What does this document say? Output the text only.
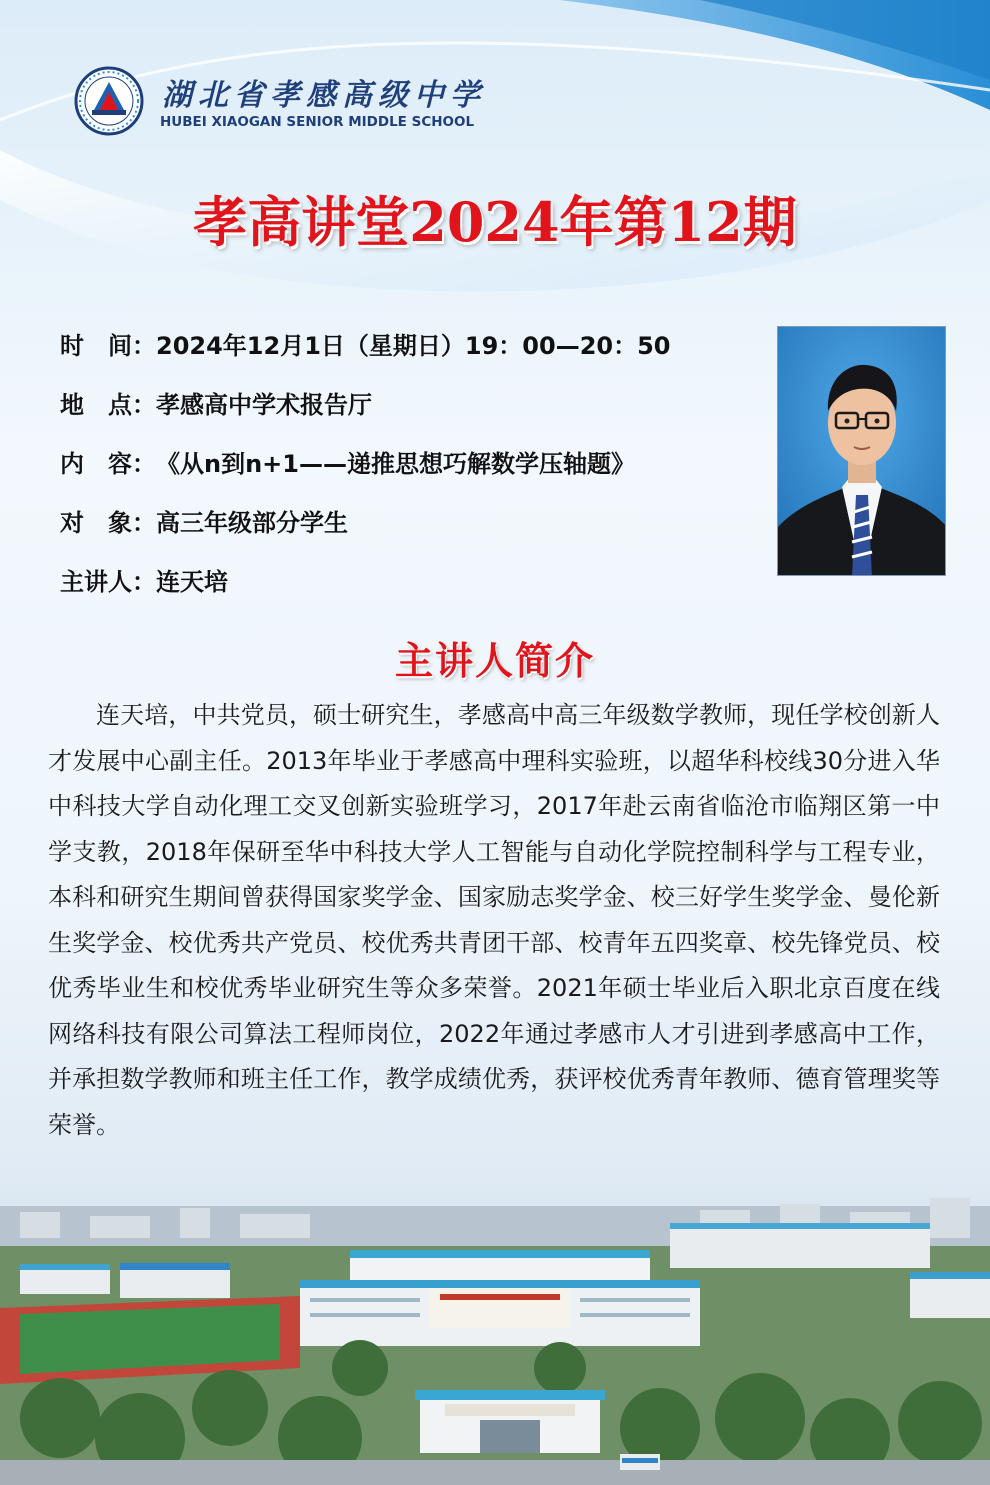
湖北省孝感高级中学
HUBEI XIAOGAN SENIOR MIDDLE SCHOOL
孝高讲堂2024年第12期
时　间 ： 2024年12月1日（星期日）19：00—20：50
地　点 ： 孝感高中学术报告厅
内　容 ： 《从n到n+1——递推思想巧解数学压轴题》
对　象 ： 高三年级部分学生
主讲人 ： 连天培
主讲人简介

连天培，中共党员，硕士研究生，孝感高中高三年级数学教师，现任学校创新人才发展中心副主任。2013年毕业于孝感高中理科实验班，以超华科校线30分进入华中科技大学自动化理工交叉创新实验班学习，2017年赴云南省临沧市临翔区第一中学支教，2018年保研至华中科技大学人工智能与自动化学院控制科学与工程专业，本科和研究生期间曾获得国家奖学金、国家励志奖学金、校三好学生奖学金、曼伦新生奖学金、校优秀共产党员、校优秀共青团干部、校青年五四奖章、校先锋党员、校优秀毕业生和校优秀毕业研究生等众多荣誉。2021年硕士毕业后入职北京百度在线网络科技有限公司算法工程师岗位，2022年通过孝感市人才引进到孝感高中工作，并承担数学教师和班主任工作，教学成绩优秀，获评校优秀青年教师、德育管理奖等荣誉。
